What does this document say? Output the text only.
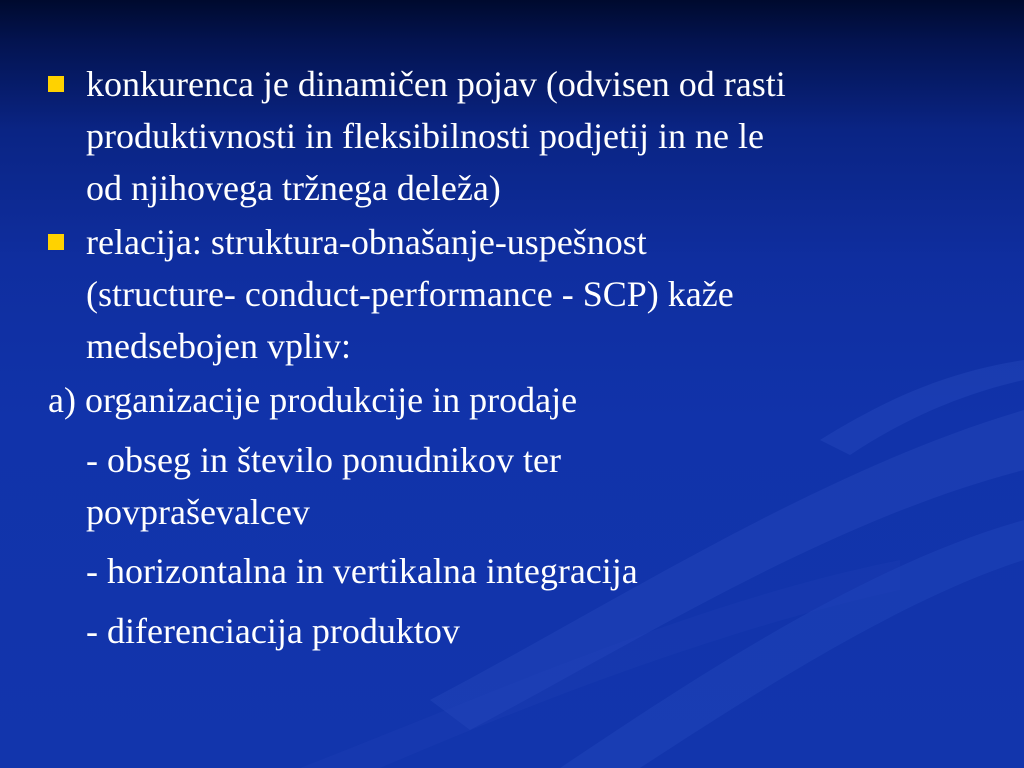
konkurenca je dinamičen pojav (odvisen od rasti
produktivnosti in fleksibilnosti podjetij in ne le
od njihovega tržnega deleža)
relacija: struktura-obnašanje-uspešnost
(structure- conduct-performance - SCP) kaže
medsebojen vpliv:
a) organizacije produkcije in prodaje
- obseg in število ponudnikov ter
povpraševalcev
- horizontalna in vertikalna integracija
- diferenciacija produktov
